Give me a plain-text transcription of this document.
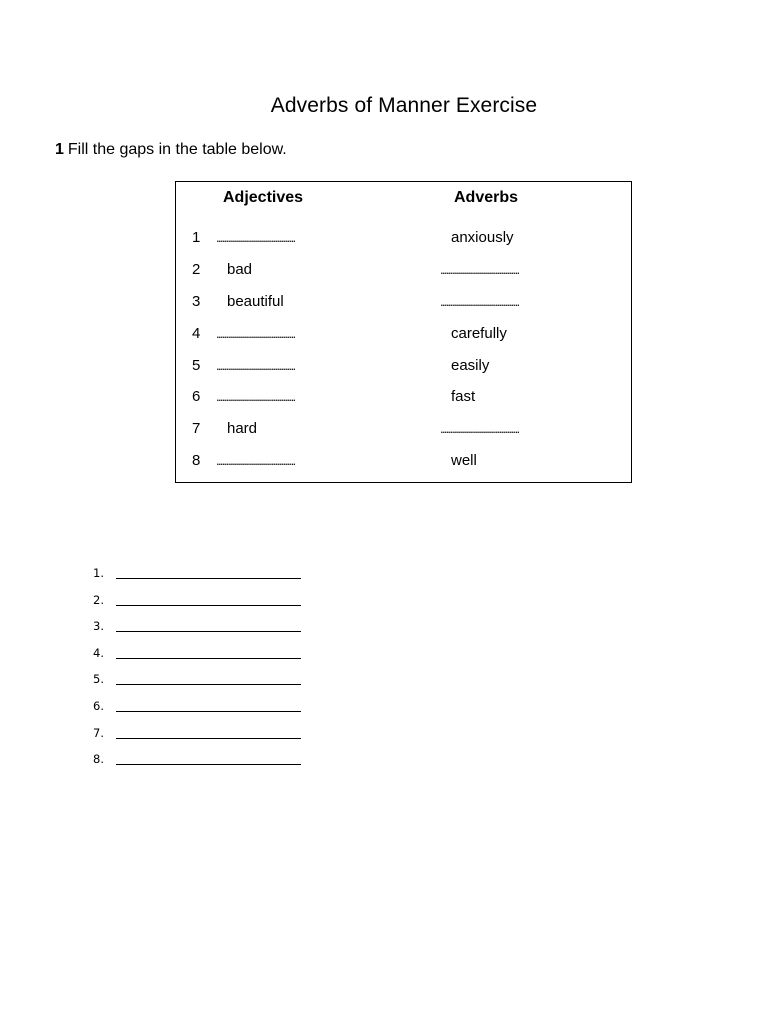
Adverbs of Manner Exercise
1 Fill the gaps in the table below.
Adjectives	Adverbs
1 .......................................	anxiously
2 bad	.......................................
3 beautiful	.......................................
4 .......................................	carefully
5 .......................................	easily
6 .......................................	fast
7 hard	.......................................
8 .......................................	well
1.
2.
3.
4.
5.
6.
7.
8.
